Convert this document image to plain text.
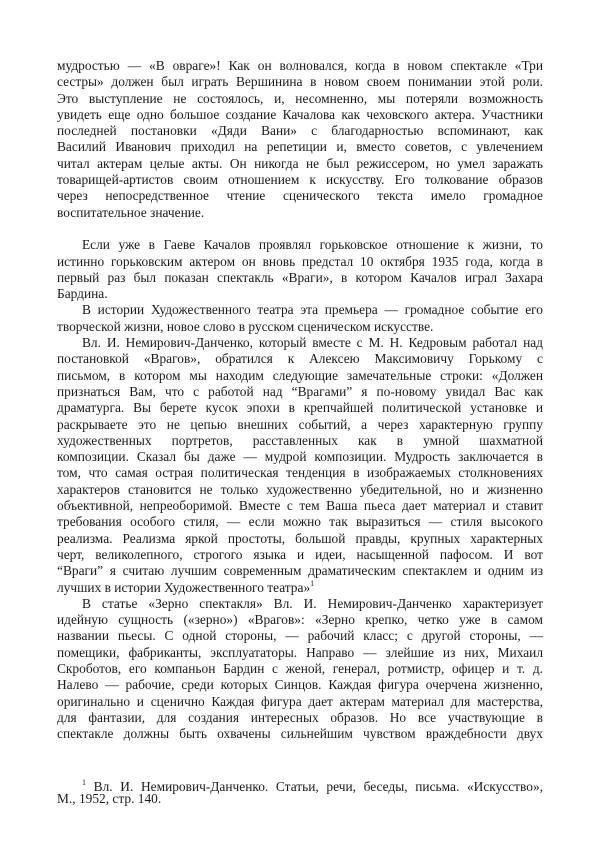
мудростью — «В овраге»! Как он волновался, когда в новом спектакле «Три
сестры» должен был играть Вершинина в новом своем понимании этой роли.
Это выступление не состоялось, и, несомненно, мы потеряли возможность
увидеть еще одно большое создание Качалова как чеховского актера. Участники
последней постановки «Дяди Вани» с благодарностью вспоминают, как
Василий Иванович приходил на репетиции и, вместо советов, с увлечением
читал актерам целые акты. Он никогда не был режиссером, но умел заражать
товарищей-артистов своим отношением к искусству. Его толкование образов
через непосредственное чтение сценического текста имело громадное
воспитательное значение.
Если уже в Гаеве Качалов проявлял горьковское отношение к жизни, то
истинно горьковским актером он вновь предстал 10 октября 1935 года, когда в
первый раз был показан спектакль «Враги», в котором Качалов играл Захара
Бардина.
В истории Художественного театра эта премьера — громадное событие его
творческой жизни, новое слово в русском сценическом искусстве.
Вл. И. Немирович-Данченко, который вместе с М. Н. Кедровым работал над
постановкой «Врагов», обратился к Алексею Максимовичу Горькому с
письмом, в котором мы находим следующие замечательные строки: «Должен
признаться Вам, что с работой над “Врагами” я по-новому увидал Вас как
драматурга. Вы берете кусок эпохи в крепчайшей политической установке и
раскрываете это не цепью внешних событий, а через характерную группу
художественных портретов, расставленных как в умной шахматной
композиции. Сказал бы даже — мудрой композиции. Мудрость заключается в
том, что самая острая политическая тенденция в изображаемых столкновениях
характеров становится не только художественно убедительной, но и жизненно
объективной, непреоборимой. Вместе с тем Ваша пьеса дает материал и ставит
требования особого стиля, — если можно так выразиться — стиля высокого
реализма. Реализма яркой простоты, большой правды, крупных характерных
черт, великолепного, строгого языка и идеи, насыщенной пафосом. И вот
“Враги” я считаю лучшим современным драматическим спектаклем и одним из
лучших в истории Художественного театра»$^1$
В статье «Зерно спектакля» Вл. И. Немирович-Данченко характеризует
идейную сущность («зерно») «Врагов»: «Зерно крепко, четко уже в самом
названии пьесы. С одной стороны, — рабочий класс; с другой стороны, —
помещики, фабриканты, эксплуататоры. Направо — злейшие из них, Михаил
Скроботов, его компаньон Бардин с женой, генерал, ротмистр, офицер и т. д.
Налево — рабочие, среди которых Синцов. Каждая фигура очерчена жизненно,
оригинально и сценично Каждая фигура дает актерам материал для мастерства,
для фантазии, для создания интересных образов. Но все участвующие в
спектакле должны быть охвачены сильнейшим чувством враждебности двух
$^1$ Вл. И. Немирович-Данченко. Статьи, речи, беседы, письма. «Искусство»,
М., 1952, стр. 140.
